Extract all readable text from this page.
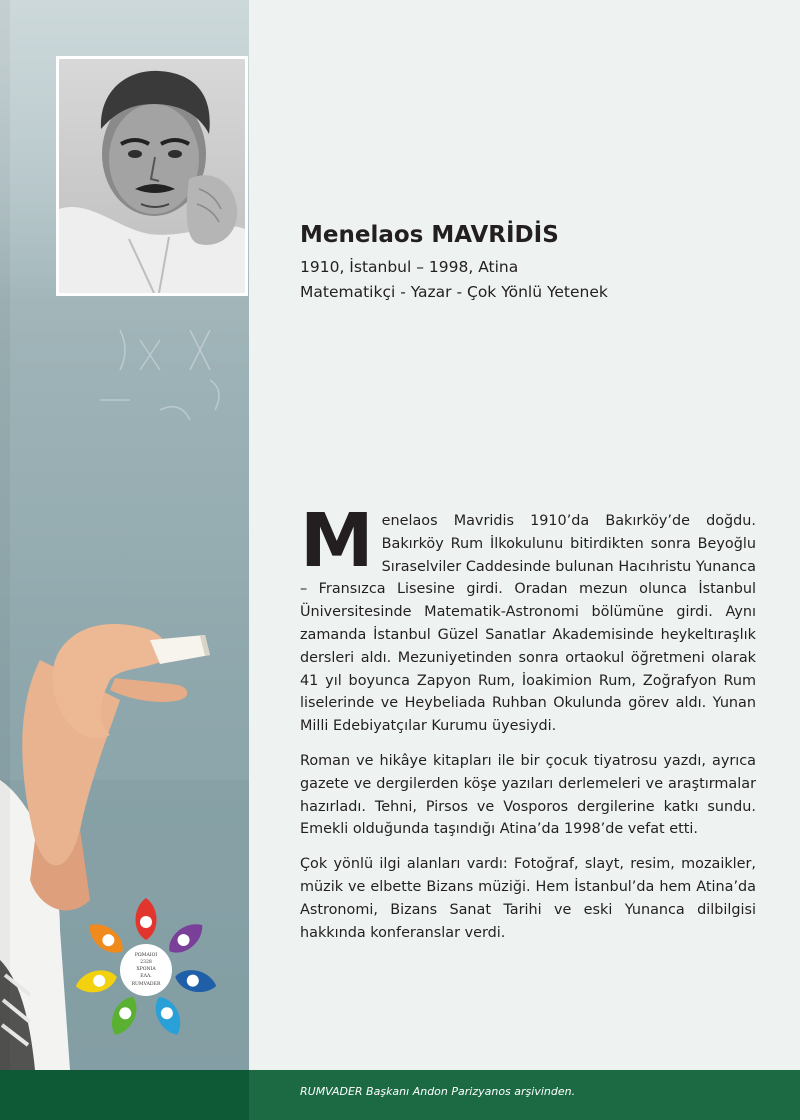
Menelaos MAVRİDİS
1910, İstanbul – 1998, Atina
Matematikçi - Yazar - Çok Yönlü Yetenek

Menelaos Mavridis 1910’da Bakırköy’de doğdu. Bakırköy Rum İlkokulunu bitirdikten sonra Beyoğlu Sıraselviler Caddesinde bulunan Hacıhristu Yunanca – Fransızca Lisesine girdi. Oradan mezun olunca İstanbul Üniversitesinde Matematik-Astronomi bölümüne girdi. Aynı zamanda İstanbul Güzel Sanatlar Akademisinde heykeltıraşlık dersleri aldı. Mezuniyetinden sonra ortaokul öğretmeni olarak 41 yıl boyunca Zapyon Rum, İoakimion Rum, Zoğrafyon Rum liselerinde ve Heybeliada Ruhban Okulunda görev aldı. Yunan Milli Edebiyatçılar Kurumu üyesiydi.

Roman ve hikâye kitapları ile bir çocuk tiyatrosu yazdı, ayrıca gazete ve dergilerden köşe yazıları derlemeleri ve araştırmalar hazırladı. Tehni, Pirsos ve Vosporos dergilerine katkı sundu. Emekli olduğunda taşındığı Atina’da 1998’de vefat etti.

Çok yönlü ilgi alanları vardı: Fotoğraf, slayt, resim, mozaikler, müzik ve elbette Bizans müziği. Hem İstanbul’da hem Atina’da Astronomi, Bizans Sanat Tarihi ve eski Yunanca dilbilgisi hakkında konferanslar verdi.

ΡΩΜΑΙΟΙ
2328
ΧΡΟΝΙΑ
ΕΛΛ.
RUMVADER
RUMVADER Başkanı Andon Parizyanos arşivinden.
